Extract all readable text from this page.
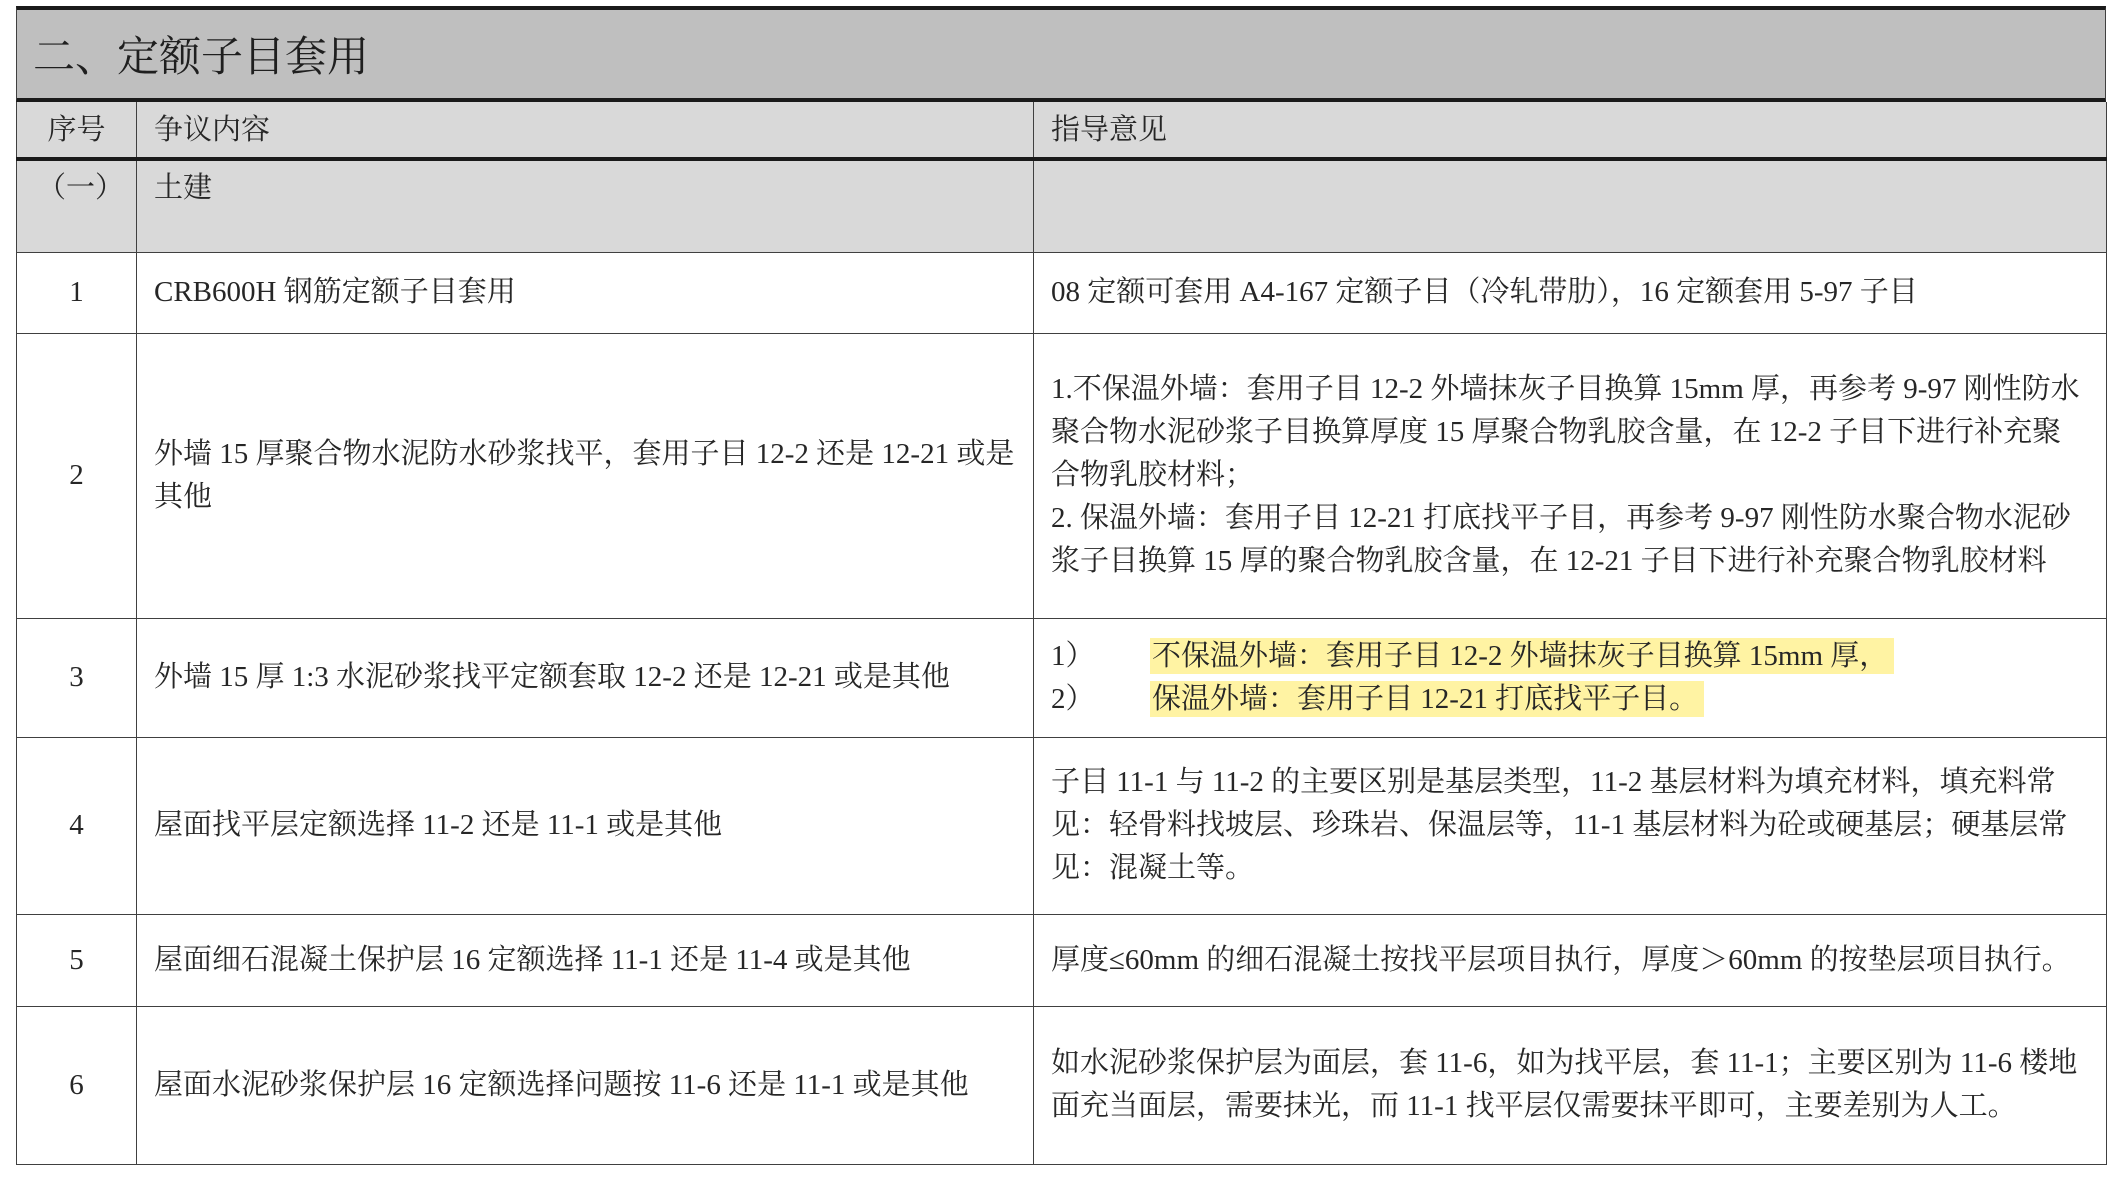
二、定额子目套用
序号	争议内容	指导意见
（一）	土建	
1	CRB600H 钢筋定额子目套用	08 定额可套用 A4-167 定额子目（冷轧带肋），16 定额套用 5-97 子目

2	外墙 15 厚聚合物水泥防水砂浆找平，套用子目 12-2 还是 12-21 或是其他	1.不保温外墙：套用子目 12-2 外墙抹灰子目换算 15mm 厚，再参考 9-97 刚性防水聚合物水泥砂浆子目换算厚度 15 厚聚合物乳胶含量，在 12-2 子目下进行补充聚合物乳胶材料；
2. 保温外墙：套用子目 12-21 打底找平子目，再参考 9-97 刚性防水聚合物水泥砂浆子目换算 15 厚的聚合物乳胶含量，在 12-21 子目下进行补充聚合物乳胶材料

3	外墙 15 厚 1:3 水泥砂浆找平定额套取 12-2 还是 12-21 或是其他	1） 不保温外墙：套用子目 12-2 外墙抹灰子目换算 15mm 厚，
2） 保温外墙：套用子目 12-21 打底找平子目。

4	屋面找平层定额选择 11-2 还是 11-1 或是其他	子目 11-1 与 11-2 的主要区别是基层类型，11-2 基层材料为填充材料，填充料常见：轻骨料找坡层、珍珠岩、保温层等，11-1 基层材料为砼或硬基层；硬基层常见：混凝土等。

5	屋面细石混凝土保护层 16 定额选择 11-1 还是 11-4 或是其他	厚度≤60mm 的细石混凝土按找平层项目执行，厚度＞60mm 的按垫层项目执行。

6	屋面水泥砂浆保护层 16 定额选择问题按 11-6 还是 11-1 或是其他	如水泥砂浆保护层为面层，套 11-6，如为找平层，套 11-1；主要区别为 11-6 楼地面充当面层，需要抹光，而 11-1 找平层仅需要抹平即可，主要差别为人工。
